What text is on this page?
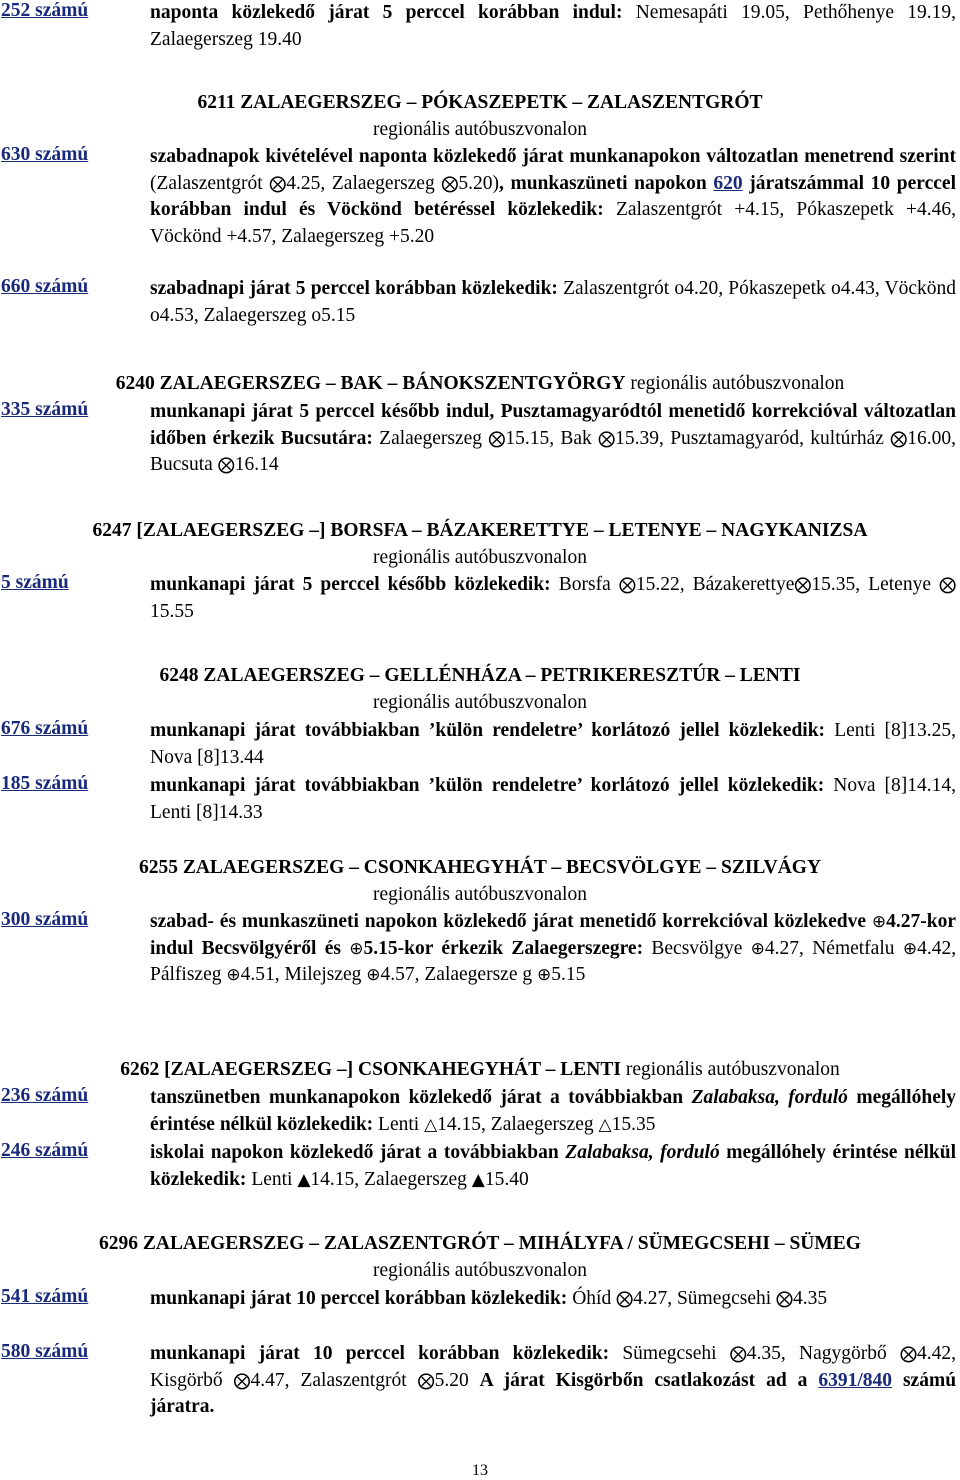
252 számú	naponta közlekedő járat 5 perccel korábban indul: Nemesapáti 19.05, Pethőhenye 19.19, Zalaegerszeg 19.40
6211 ZALAEGERSZEG – PÓKASZEPETK – ZALASZENTGRÓT
regionális autóbuszvonalon
630 számú	szabadnapok kivételével naponta közlekedő járat munkanapokon változatlan menetrend szerint (Zalaszentgrót ⨂4.25, Zalaegerszeg ⨂5.20), munkaszüneti napokon 620 járatszámmal 10 perccel korábban indul és Vöckönd betéréssel közlekedik: Zalaszentgrót +4.15, Pókaszepetk +4.46, Vöckönd +4.57, Zalaegerszeg +5.20
660 számú	szabadnapi járat 5 perccel korábban közlekedik: Zalaszentgrót o4.20, Pókaszepetk o4.43, Vöckönd o4.53, Zalaegerszeg o5.15
6240 ZALAEGERSZEG – BAK – BÁNOKSZENTGYÖRGY regionális autóbuszvonalon
335 számú	munkanapi járat 5 perccel később indul, Pusztamagyaródtól menetidő korrekcióval változatlan időben érkezik Bucsutára: Zalaegerszeg ⨂15.15, Bak ⨂15.39, Pusztamagyaród, kultúrház ⨂16.00, Bucsuta ⨂16.14
6247 [ZALAEGERSZEG –] BORSFA – BÁZAKERETTYE – LETENYE – NAGYKANIZSA
regionális autóbuszvonalon
5 számú	munkanapi járat 5 perccel később közlekedik: Borsfa ⨂15.22, Bázakerettye⨂15.35, Letenye ⨂15.55
6248 ZALAEGERSZEG – GELLÉNHÁZA – PETRIKERESZTÚR – LENTI
regionális autóbuszvonalon
676 számú	munkanapi járat továbbiakban ’külön rendeletre’ korlátozó jellel közlekedik: Lenti [8]13.25, Nova [8]13.44
185 számú	munkanapi járat továbbiakban ’külön rendeletre’ korlátozó jellel közlekedik: Nova [8]14.14, Lenti [8]14.33
6255 ZALAEGERSZEG – CSONKAHEGYHÁT – BECSVÖLGYE – SZILVÁGY
regionális autóbuszvonalon
300 számú	szabad- és munkaszüneti napokon közlekedő járat menetidő korrekcióval közlekedve ⊕4.27-kor indul Becsvölgyéről és ⊕5.15-kor érkezik Zalaegerszegre: Becsvölgye ⊕4.27, Németfalu ⊕4.42, Pálfiszeg ⊕4.51, Milejszeg ⊕4.57, Zalaegersze g ⊕5.15
6262 [ZALAEGERSZEG –] CSONKAHEGYHÁT – LENTI regionális autóbuszvonalon
236 számú	tanszünetben munkanapokon közlekedő járat a továbbiakban Zalabaksa, forduló megállóhely érintése nélkül közlekedik: Lenti △14.15, Zalaegerszeg △15.35
246 számú	iskolai napokon közlekedő járat a továbbiakban Zalabaksa, forduló megállóhely érintése nélkül közlekedik: Lenti ▲14.15, Zalaegerszeg ▲15.40
6296 ZALAEGERSZEG – ZALASZENTGRÓT – MIHÁLYFA / SÜMEGCSEHI – SÜMEG
regionális autóbuszvonalon
541 számú	munkanapi járat 10 perccel korábban közlekedik: Óhíd ⨂4.27, Sümegcsehi ⨂4.35
580 számú	munkanapi járat 10 perccel korábban közlekedik: Sümegcsehi ⨂4.35, Nagygörbő ⨂4.42, Kisgörbő ⨂4.47, Zalaszentgrót ⨂5.20 A járat Kisgörbőn csatlakozást ad a 6391/840 számú járatra.
13
